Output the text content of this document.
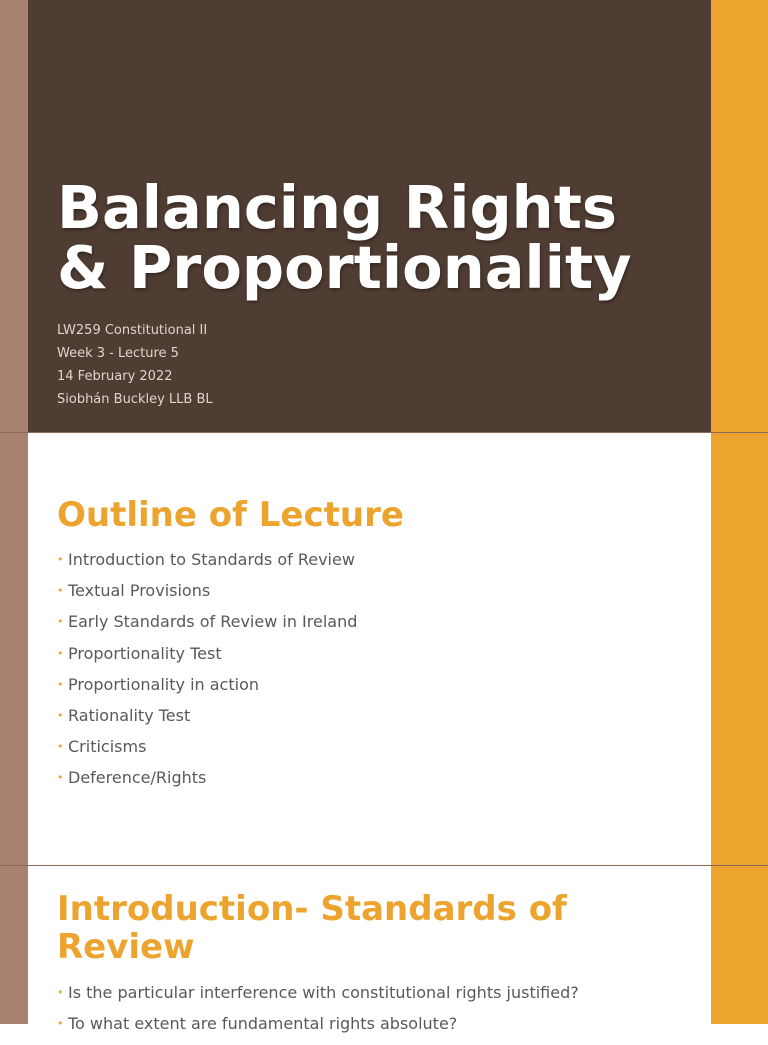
Balancing Rights
& Proportionality
LW259 Constitutional II
Week 3 - Lecture 5
14 February 2022
Siobhán Buckley LLB BL
Outline of Lecture
• Introduction to Standards of Review
• Textual Provisions
• Early Standards of Review in Ireland
• Proportionality Test
• Proportionality in action
• Rationality Test
• Criticisms
• Deference/Rights
Introduction- Standards of
Review
• Is the particular interference with constitutional rights justified?
• To what extent are fundamental rights absolute?
